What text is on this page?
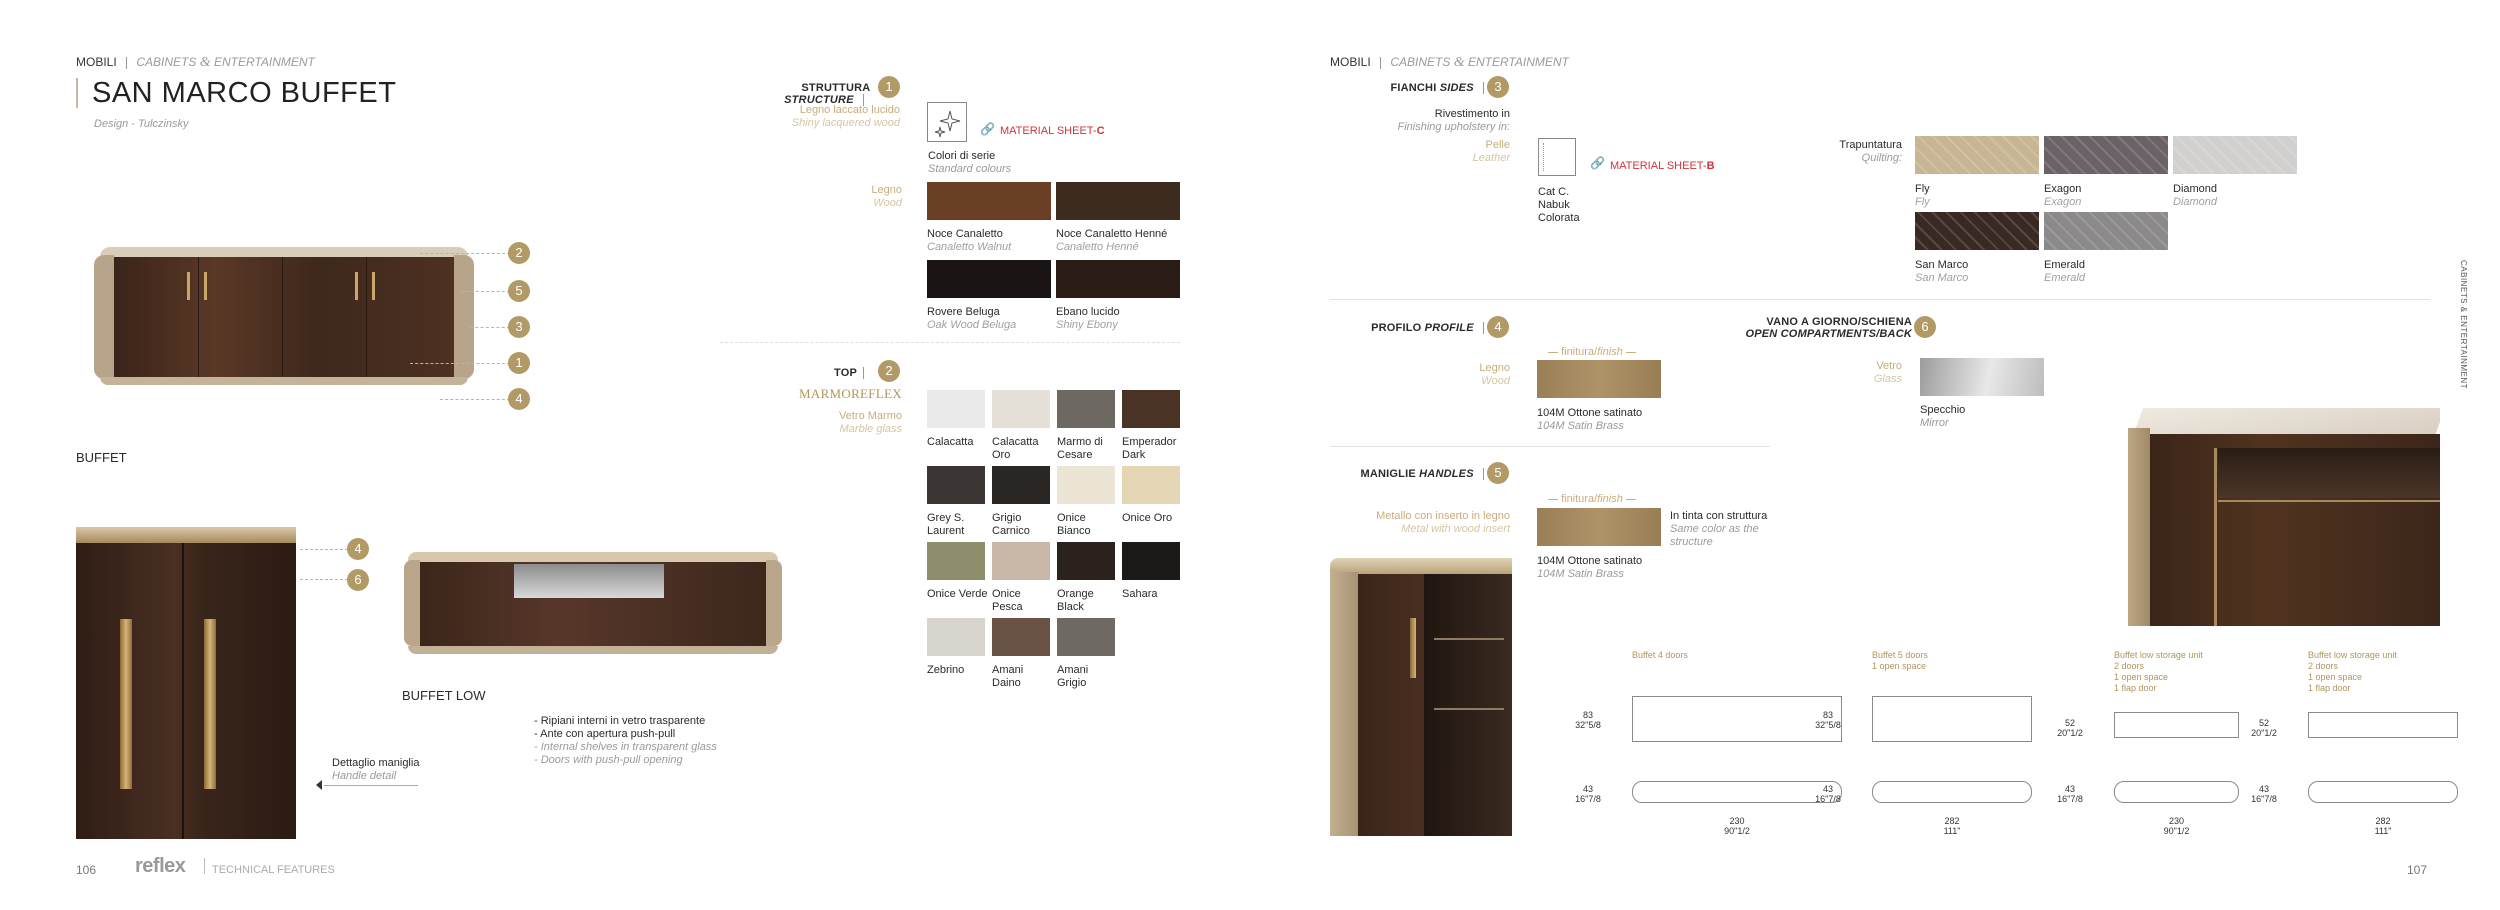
MOBILI CABINETS & ENTERTAINMENT
SAN MARCO BUFFET
Design - Tulczinsky
2
5
3
1
4
BUFFET
4
6
BUFFET LOW
- Ripiani interni in vetro trasparente
- Ante con apertura push-pull
- Internal shelves in transparent glass
- Doors with push-pull opening
Dettaglio maniglia
Handle detail
106 reflex TECHNICAL FEATURES
STRUTTURA STRUCTURE
1
Legno laccato lucido
Shiny lacquered wood	🔗 MATERIAL SHEET-C
Colori di serie
Standard colours
Legno
Wood
Noce Canaletto
Canaletto Walnut
Noce Canaletto Henné
Canaletto Henné
Rovere Beluga
Oak Wood Beluga
Ebano lucido
Shiny Ebony
TOP	2
MARMOREFLEX
Vetro Marmo
Marble glass
Calacatta	Calacatta Oro
Marmo di Cesare
Emperador Dark
Grey S. Laurent
Grigio Carnico
Onice Bianco
Onice Oro
Onice Verde Onice Pesca
Orange Black
Sahara
Zebrino	Amani Daino
Amani Grigio
MOBILI CABINETS & ENTERTAINMENT
CABINETS & ENTERTAINMENT
FIANCHI SIDES	3
Rivestimento in
Finishing upholstery in:
Pelle
Leather	🔗 MATERIAL SHEET-B
Cat C.
Nabuk
Colorata
Trapuntatura
Quilting:
Fly
Fly
Exagon
Exagon
Diamond
Diamond
San Marco
San Marco
Emerald
Emerald
PROFILO PROFILE	4
finitura/finish
Legno
Wood
104M Ottone satinato
104M Satin Brass
VANO A GIORNO/SCHIENA
OPEN COMPARTMENTS/BACK 6
Vetro
Glass
Specchio
Mirror
MANIGLIE HANDLES	5
finitura/finish
Metallo con inserto in legno
Metal with wood insert
104M Ottone satinato
104M Satin Brass
In tinta con struttura
Same color as the
structure
Buffet 4 doors
83
32"5/8
43
16"7/8
230
90"1/2
Buffet 5 doors
1 open space
83
32"5/8
43
16"7/8
282
111"
Buffet low storage unit
2 doors
1 open space
1 flap door
52
20"1/2
43
16"7/8
230
90"1/2
Buffet low storage unit
2 doors
1 open space
1 flap door
52
20"1/2
43
16"7/8
282
111"
107
